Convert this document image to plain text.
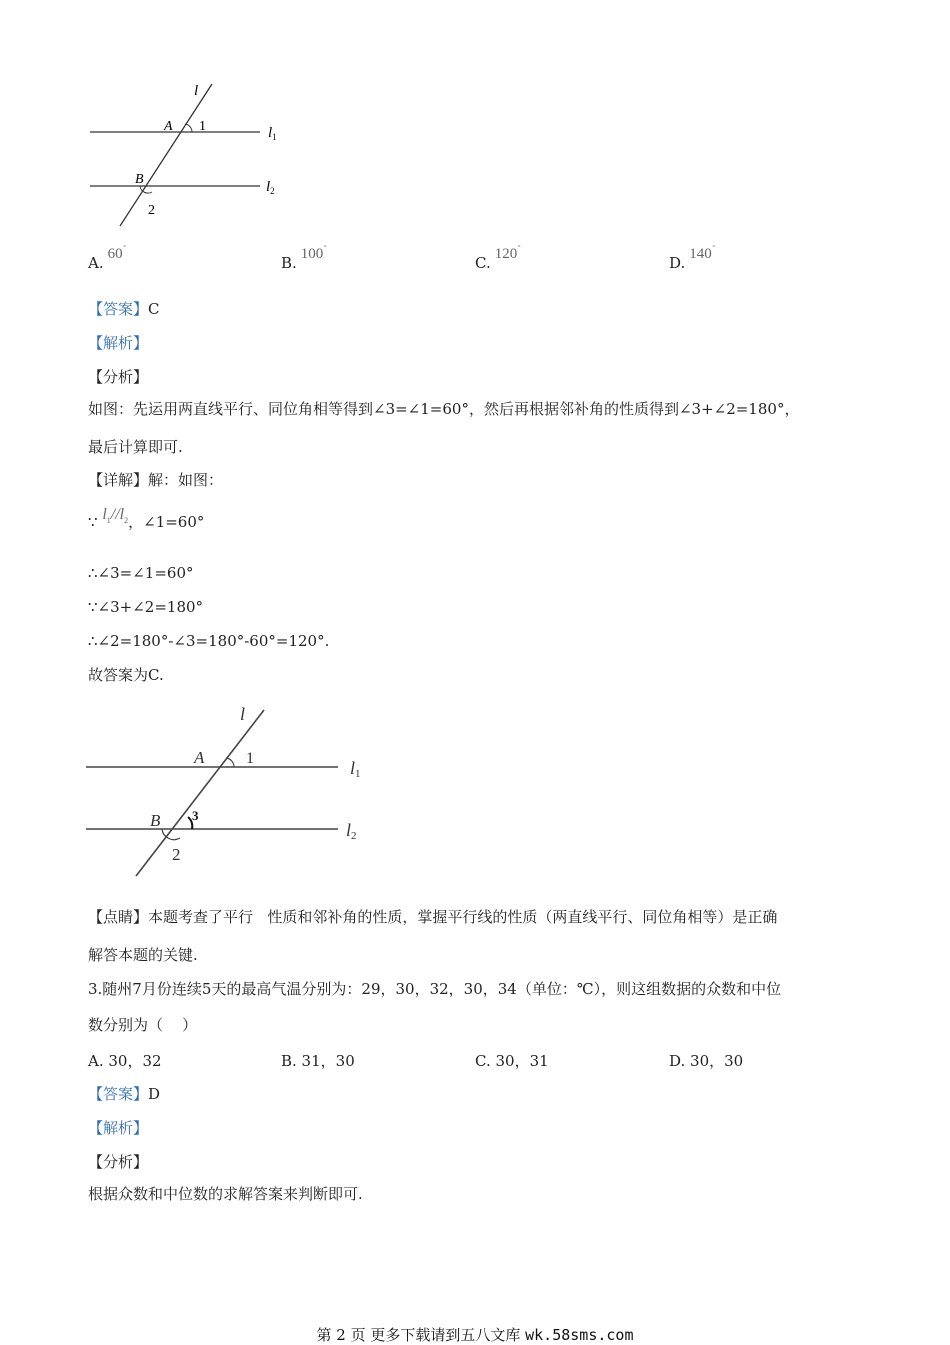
l
A 1	$l_1$
B
2
$l_2$
A. 60˚
B. 100˚
C. 120˚
D. 140˚
【答案】C
【解析】
【分析】
如图：先运用两直线平行、同位角相等得到∠3=∠1=60°，然后再根据邻补角的性质得到∠3+∠2=180°，
最后计算即可.
【详解】解：如图：
∵ $l_1//l_2$，∠1=60°
∴∠3=∠1=60°
∵∠3+∠2=180°
∴∠2=180°-∠3=180°-60°=120°.
故答案为C.
l
A	1	l1
B 3
2
l2
【点睛】本题考查了平行   性质和邻补角的性质，掌握平行线的性质（两直线平行、同位角相等）是正确
解答本题的关键.
3.随州7月份连续5天的最高气温分别为：29，30，32，30，34（单位：℃），则这组数据的众数和中位
数分别为（    ）
A. 30，32	B. 31，30	C. 30，31	D. 30，30
【答案】D
【解析】
【分析】
根据众数和中位数的求解答案来判断即可.
第 2 页 更多下载请到五八文库 wk.58sms.com
